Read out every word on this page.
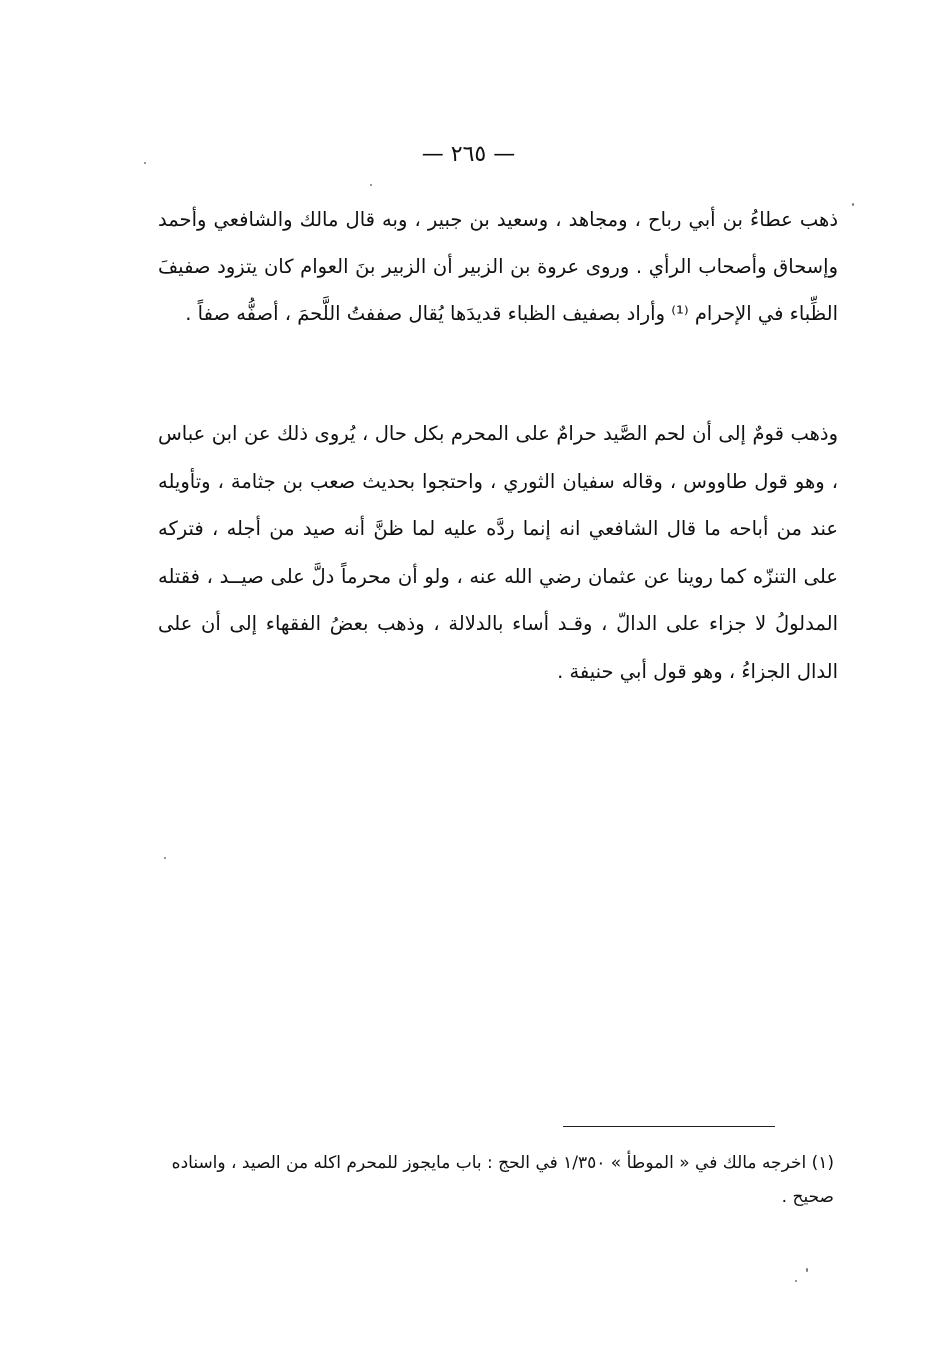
— ٢٦٥ —

ذهب عطاءُ بن أبي رباح ، ومجاهد ، وسعيد بن جبير ، وبه قال مالك والشافعي وأحمد وإسحاق وأصحاب الرأي . وروى عروة بن الزبير أن الزبير بنَ العوام كان يتزود صفيفَ الظِّباء في الإحرام ⁽¹⁾ وأراد بصفيف الظباء قديدَها يُقال صففتُ اللَّحمَ ، أصفُّه صفاً .

وذهب قومٌ إلى أن لحم الصَّيد حرامٌ على المحرم بكل حال ، يُروى ذلك عن ابن عباس ، وهو قول طاووس ، وقاله سفيان الثوري ، واحتجوا بحديث صعب بن جثامة ، وتأويله عند من أباحه ما قال الشافعي انه إنما ردَّه عليه لما ظنَّ أنه صيد من أجله ، فتركه على التنزّه كما روينا عن عثمان رضي الله عنه ، ولو أن محرماً دلَّ على صيــد ، فقتله المدلولُ لا جزاء على الدالّ ، وقـد أساء بالدلالة ، وذهب بعضُ الفقهاء إلى أن على الدال الجزاءُ ، وهو قول أبي حنيفة .

(١) اخرجه مالك في « الموطأ » ١/٣٥٠ في الحج : باب مايجوز للمحرم اكله من الصيد ، واسناده صحيح .
